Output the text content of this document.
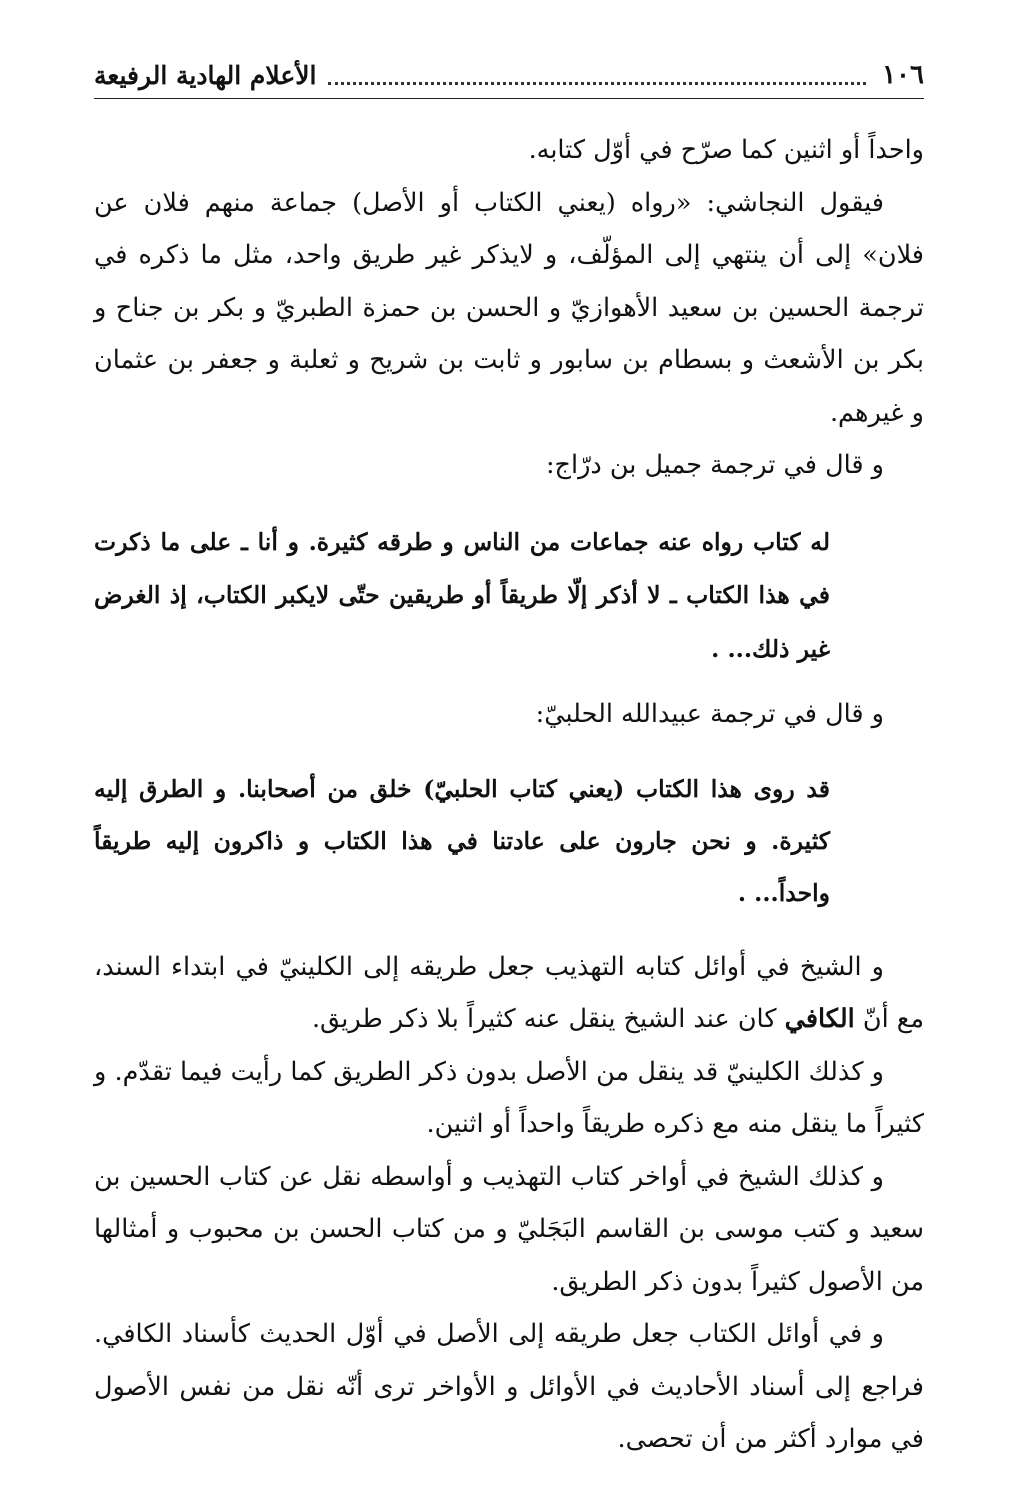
١٠٦
الأعلام الهادية الرفيعة

واحداً أو اثنين كما صرّح في أوّل كتابه.

فيقول النجاشي: «رواه (يعني الكتاب أو الأصل) جماعة منهم فلان عن فلان» إلى أن ينتهي إلى المؤلّف، و لايذكر غير طريق واحد، مثل ما ذكره في ترجمة الحسين بن سعيد الأهوازيّ و الحسن بن حمزة الطبريّ و بكر بن جناح و بكر بن الأشعث و بسطام بن سابور و ثابت بن شريح و ثعلبة و جعفر بن عثمان و غيرهم.

و قال في ترجمة جميل بن درّاج:

له كتاب رواه عنه جماعات من الناس و طرقه كثيرة. و أنا ـ على ما ذكرت في هذا الكتاب ـ لا أذكر إلّا طريقاً أو طريقين حتّى لايكبر الكتاب، إذ الغرض غير ذلك... .

و قال في ترجمة عبيدالله الحلبيّ:

قد روى هذا الكتاب (يعني كتاب الحلبيّ) خلق من أصحابنا. و الطرق إليه كثيرة. و نحن جارون على عادتنا في هذا الكتاب و ذاكرون إليه طريقاً واحداً... .

و الشيخ في أوائل كتابه التهذيب جعل طريقه إلى الكلينيّ في ابتداء السند، مع أنّ الكافي كان عند الشيخ ينقل عنه كثيراً بلا ذكر طريق.

و كذلك الكلينيّ قد ينقل من الأصل بدون ذكر الطريق كما رأيت فيما تقدّم. و كثيراً ما ينقل منه مع ذكره طريقاً واحداً أو اثنين.

و كذلك الشيخ في أواخر كتاب التهذيب و أواسطه نقل عن كتاب الحسين بن سعيد و كتب موسى بن القاسم البَجَليّ و من كتاب الحسن بن محبوب و أمثالها من الأصول كثيراً بدون ذكر الطريق.

و في أوائل الكتاب جعل طريقه إلى الأصل في أوّل الحديث كأسناد الكافي. فراجع إلى أسناد الأحاديث في الأوائل و الأواخر ترى أنّه نقل من نفس الأصول في موارد أكثر من أن تحصى.
